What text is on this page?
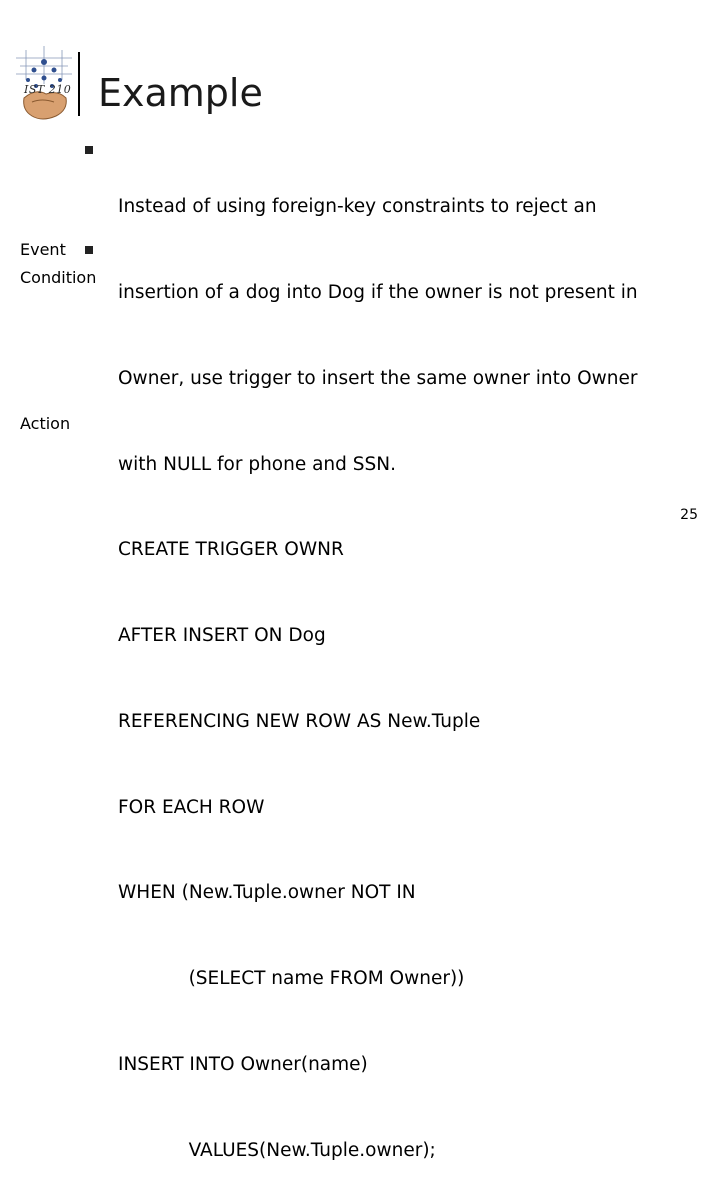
IST 210 Example
Event
Condition
Action

Instead of using foreign-key constraints to reject an

insertion of a dog into Dog if the owner is not present in

Owner, use trigger to insert the same owner into Owner

with NULL for phone and SSN.

CREATE TRIGGER OWNR

AFTER INSERT ON Dog

REFERENCING NEW ROW AS New.Tuple

FOR EACH ROW

WHEN (New.Tuple.owner NOT IN

(SELECT name FROM Owner))

INSERT INTO Owner(name)

VALUES(New.Tuple.owner);

25
